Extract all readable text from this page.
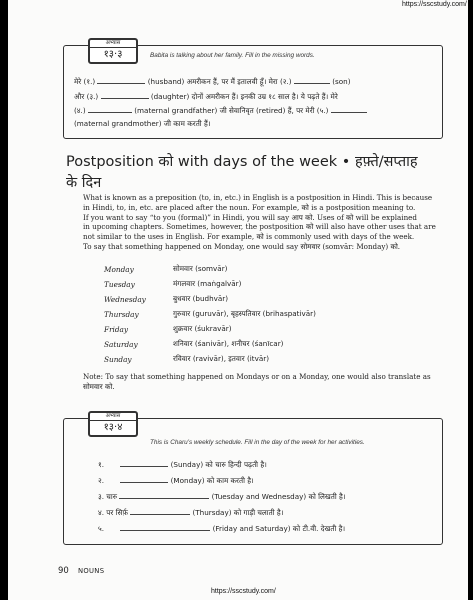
https://sscstudy.com/
अभ्यास
१३·३	Babita is talking about her family. Fill in the missing words.
मेरे (१.)	(husband) अमरीकन हैं, पर मैं इतालवी हूँ। मेरा (२.)	(son)
और (३.)	(daughter) दोनों अमरीकन हैं। इनकी उम्र १८ साल है। ये पढ़ते हैं। मेरे
(४.)	(maternal grandfather) जी सेवानिवृत (retired) हैं, पर मेरी (५.)
(maternal grandmother) जी काम करती हैं।
Postposition को with days of the week • हफ़्ते/सप्ताह
के दिन
What is known as a preposition (to, in, etc.) in English is a postposition in Hindi. This is because
in Hindi, to, in, etc. are placed after the noun. For example, को is a postposition meaning to.
If you want to say “to you (formal)” in Hindi, you will say आप को. Uses of को will be explained
in upcoming chapters. Sometimes, however, the postposition को will also have other uses that are
not similar to the uses in English. For example, को is commonly used with days of the week.
To say that something happened on Monday, one would say सोमवार (somvār: Monday) को.
Monday	सोमवार (somvār)
Tuesday	मंगलवार (maṅgalvār)
Wednesday	बुधवार (budhvār)
Thursday	गुरुवार (guruvār), बृहस्पतिवार (brihaspativār)
Friday	शुक्रवार (śukravār)
Saturday	शनिवार (śanivār), शनीचर (śanīcar)
Sunday	रविवार (ravivār), इतवार (itvār)
Note: To say that something happened on Mondays or on a Monday, one would also translate as
सोमवार को.
अभ्यास
१३·४
This is Charu’s weekly schedule. Fill in the day of the week for her activities.
१.	(Sunday) को चारु हिन्दी पढ़ती है।
२.	(Monday) को काम करती है।
३. चारु	(Tuesday and Wednesday) को लिखती है।
४. पर सिर्फ़	(Thursday) को गाड़ी चलाती है।
५.	(Friday and Saturday) को टी.वी. देखती है।
90 NOUNS
https://sscstudy.com/
